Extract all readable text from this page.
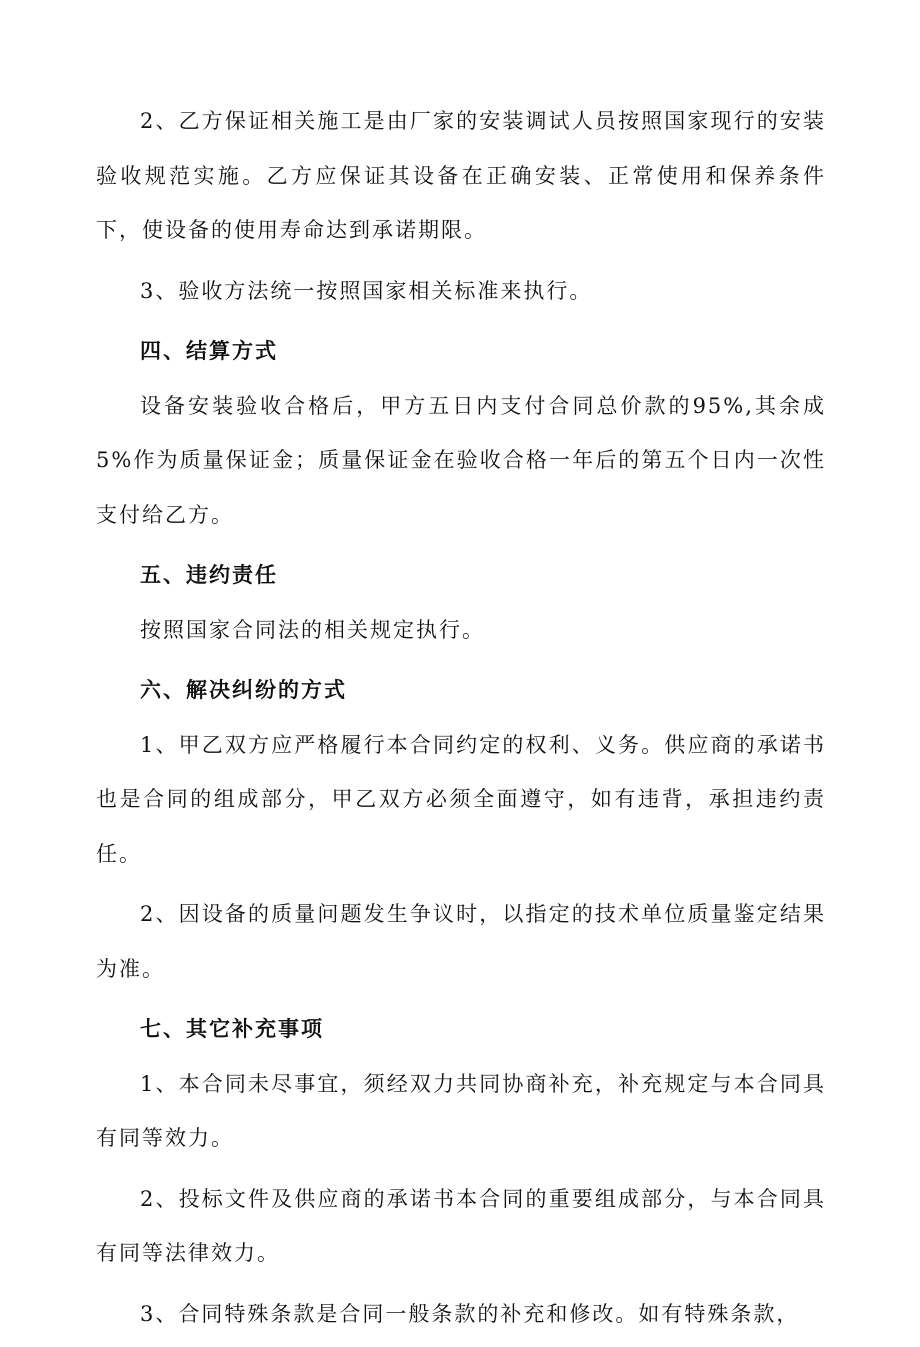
2、乙方保证相关施工是由厂家的安装调试人员按照国家现行的安装验收规范实施。乙方应保证其设备在正确安装、正常使用和保养条件下，使设备的使用寿命达到承诺期限。

3、验收方法统一按照国家相关标准来执行。

四、结算方式

设备安装验收合格后，甲方五日内支付合同总价款的95%,其余成5%作为质量保证金；质量保证金在验收合格一年后的第五个日内一次性支付给乙方。

五、违约责任

按照国家合同法的相关规定执行。

六、解决纠纷的方式

1、甲乙双方应严格履行本合同约定的权利、义务。供应商的承诺书也是合同的组成部分，甲乙双方必须全面遵守，如有违背，承担违约责任。

2、因设备的质量问题发生争议时，以指定的技术单位质量鉴定结果为准。

七、其它补充事项

1、本合同未尽事宜，须经双力共同协商补充，补充规定与本合同具有同等效力。

2、投标文件及供应商的承诺书本合同的重要组成部分，与本合同具有同等法律效力。

3、合同特殊条款是合同一般条款的补充和修改。如有特殊条款，
